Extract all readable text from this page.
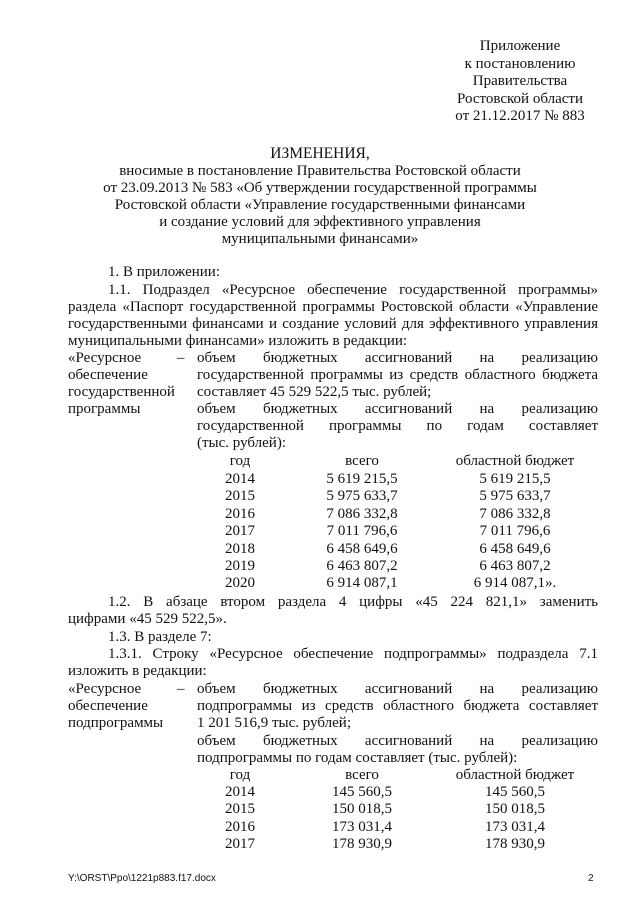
Приложение
к постановлению
Правительства
Ростовской области
от 21.12.2017 № 883
ИЗМЕНЕНИЯ,
вносимые в постановление Правительства Ростовской области
от 23.09.2013 № 583 «Об утверждении государственной программы
Ростовской области «Управление государственными финансами
и создание условий для эффективного управления
муниципальными финансами»
1. В приложении:
1.1. Подраздел «Ресурсное обеспечение государственной программы»
раздела «Паспорт государственной программы Ростовской области «Управление
государственными финансами и создание условий для эффективного управления
муниципальными финансами» изложить в редакции:
«Ресурсное
обеспечение
государственной
программы
– объем бюджетных ассигнований на реализацию
государственной программы из средств областного бюджета
составляет 45 529 522,5 тыс. рублей;
объем бюджетных ассигнований на реализацию
государственной программы по годам составляет
(тыс. рублей):
год	всего	областной бюджет
2014	5 619 215,5	5 619 215,5
2015	5 975 633,7	5 975 633,7
2016	7 086 332,8	7 086 332,8
2017	7 011 796,6	7 011 796,6
2018	6 458 649,6	6 458 649,6
2019	6 463 807,2	6 463 807,2
2020	6 914 087,1	6 914 087,1».
1.2. В абзаце втором раздела 4 цифры «45 224 821,1» заменить
цифрами «45 529 522,5».
1.3. В разделе 7:
1.3.1. Строку «Ресурсное обеспечение подпрограммы» подраздела 7.1
изложить в редакции:
«Ресурсное
обеспечение
подпрограммы
– объем бюджетных ассигнований на реализацию
подпрограммы из средств областного бюджета составляет
1 201 516,9 тыс. рублей;
объем бюджетных ассигнований на реализацию
подпрограммы по годам составляет (тыс. рублей):
год	всего	областной бюджет
2014	145 560,5	145 560,5
2015	150 018,5	150 018,5
2016	173 031,4	173 031,4
2017	178 930,9	178 930,9
Y:\ORST\Ppo\1221p883.f17.docx	2
